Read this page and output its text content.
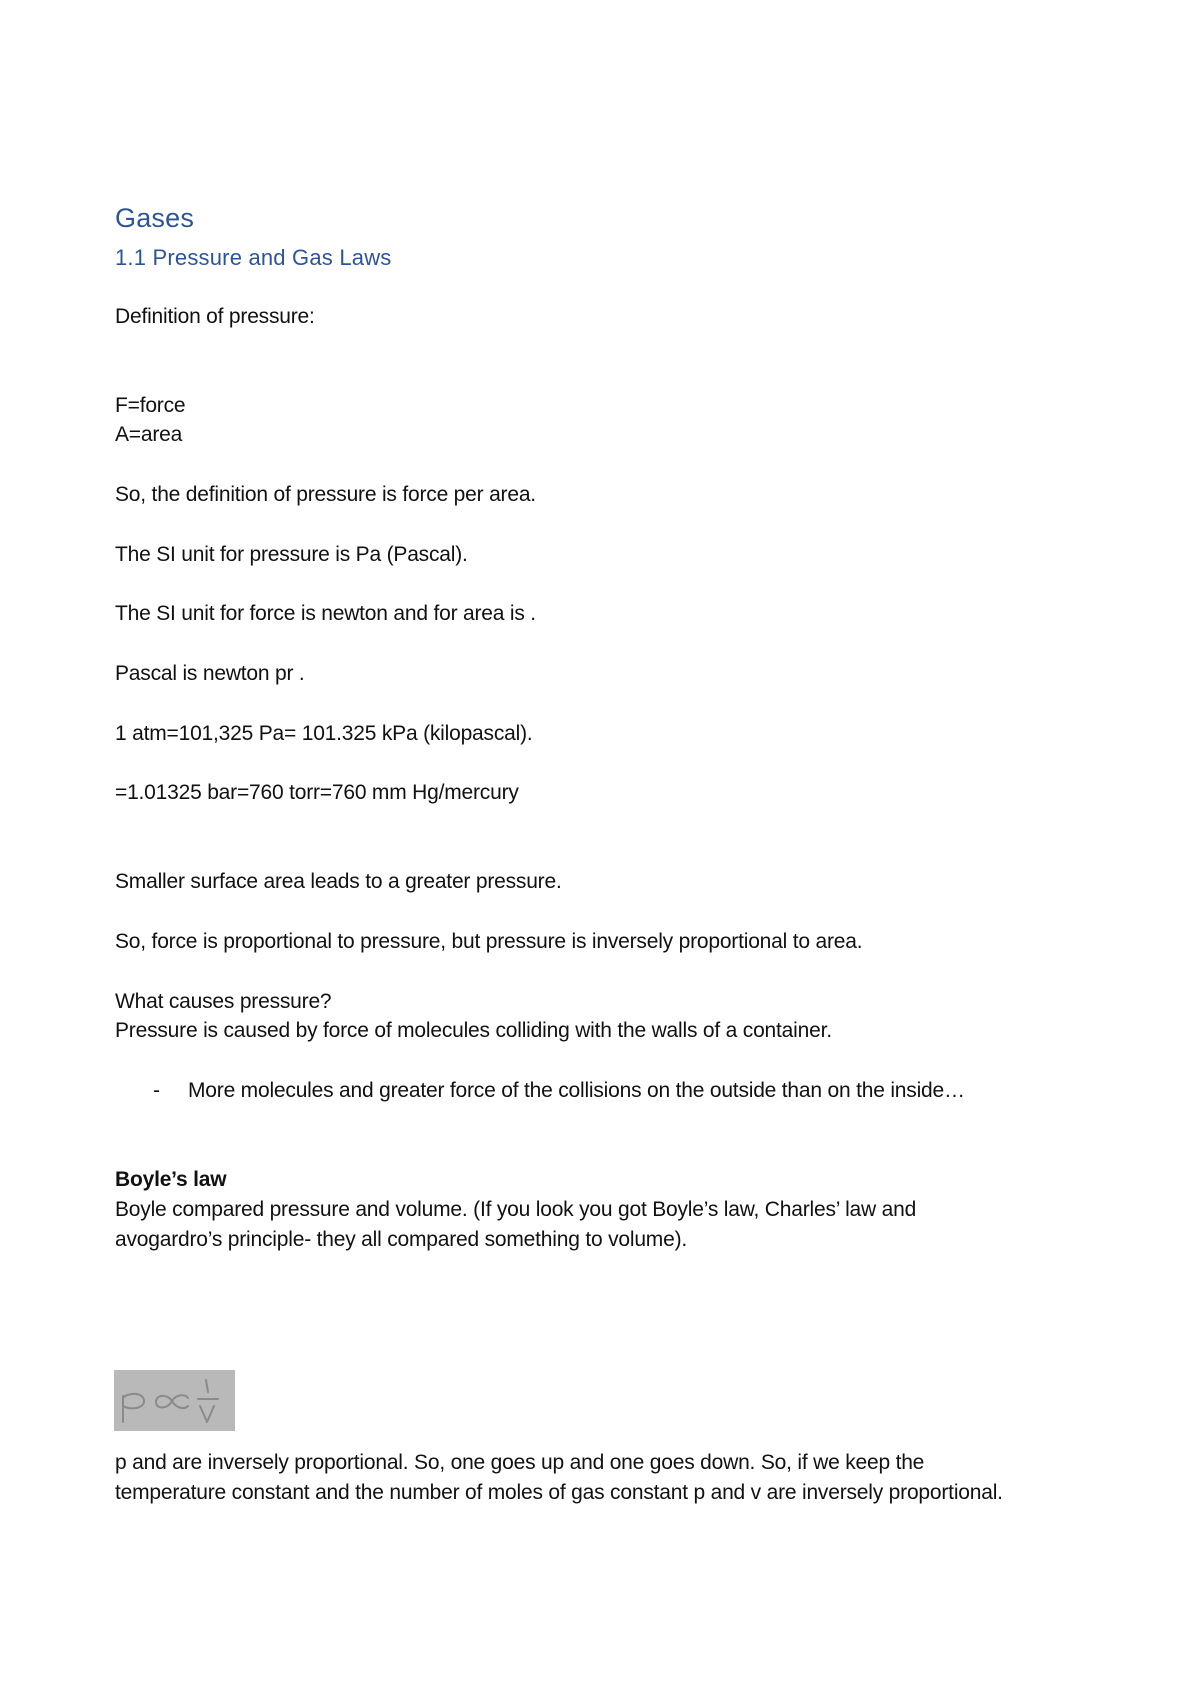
Gases
1.1 Pressure and Gas Laws
Definition of pressure:
F=force
A=area
So, the definition of pressure is force per area.
The SI unit for pressure is Pa (Pascal).
The SI unit for force is newton and for area is .
Pascal is newton pr .
1 atm=101,325 Pa= 101.325 kPa (kilopascal).
=1.01325 bar=760 torr=760 mm Hg/mercury
Smaller surface area leads to a greater pressure.
So, force is proportional to pressure, but pressure is inversely proportional to area.
What causes pressure?
Pressure is caused by force of molecules colliding with the walls of a container.
- More molecules and greater force of the collisions on the outside than on the inside…
Boyle’s law
Boyle compared pressure and volume. (If you look you got Boyle’s law, Charles’ law and
avogardro’s principle- they all compared something to volume).
p and are inversely proportional. So, one goes up and one goes down. So, if we keep the
temperature constant and the number of moles of gas constant p and v are inversely proportional.
